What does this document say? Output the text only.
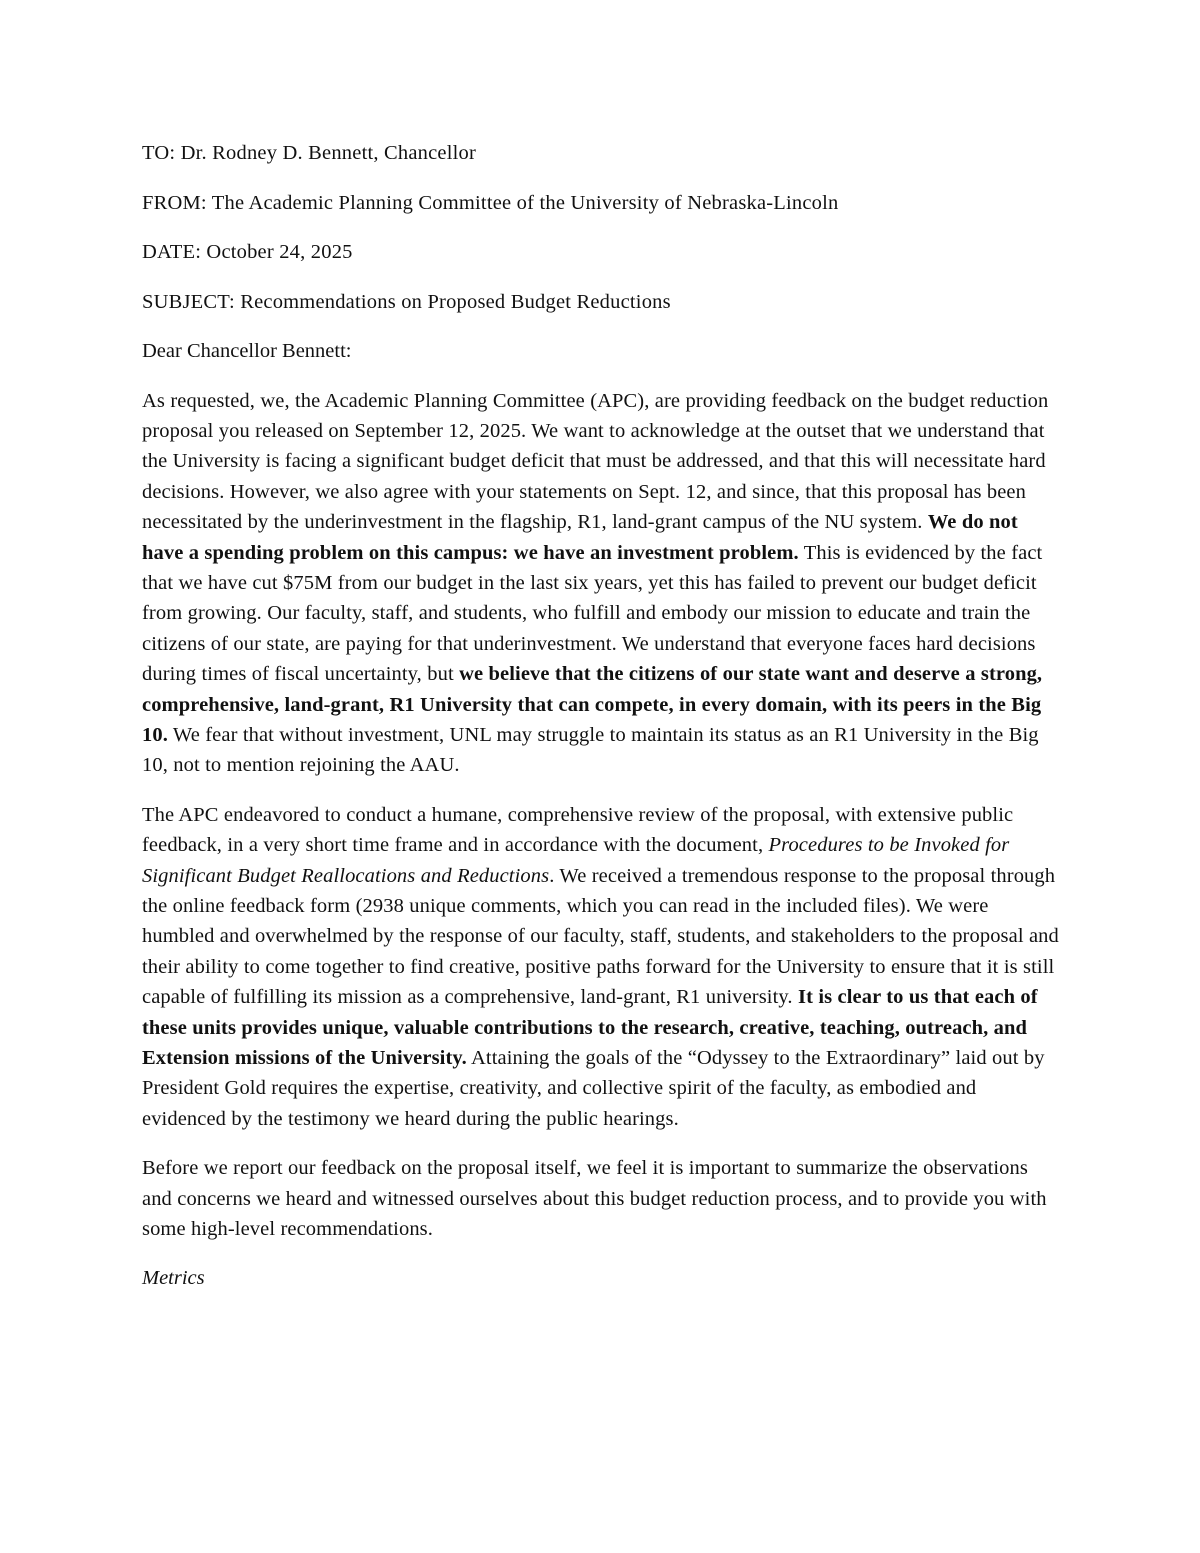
TO: Dr. Rodney D. Bennett, Chancellor
FROM: The Academic Planning Committee of the University of Nebraska-Lincoln
DATE: October 24, 2025
SUBJECT: Recommendations on Proposed Budget Reductions
Dear Chancellor Bennett:

As requested, we, the Academic Planning Committee (APC), are providing feedback on the budget reduction proposal you released on September 12, 2025. We want to acknowledge at the outset that we understand that the University is facing a significant budget deficit that must be addressed, and that this will necessitate hard decisions. However, we also agree with your statements on Sept. 12, and since, that this proposal has been necessitated by the underinvestment in the flagship, R1, land-grant campus of the NU system. We do not have a spending problem on this campus: we have an investment problem. This is evidenced by the fact that we have cut $75M from our budget in the last six years, yet this has failed to prevent our budget deficit from growing. Our faculty, staff, and students, who fulfill and embody our mission to educate and train the citizens of our state, are paying for that underinvestment. We understand that everyone faces hard decisions during times of fiscal uncertainty, but we believe that the citizens of our state want and deserve a strong, comprehensive, land-grant, R1 University that can compete, in every domain, with its peers in the Big 10. We fear that without investment, UNL may struggle to maintain its status as an R1 University in the Big 10, not to mention rejoining the AAU.

The APC endeavored to conduct a humane, comprehensive review of the proposal, with extensive public feedback, in a very short time frame and in accordance with the document, Procedures to be Invoked for Significant Budget Reallocations and Reductions. We received a tremendous response to the proposal through the online feedback form (2938 unique comments, which you can read in the included files). We were humbled and overwhelmed by the response of our faculty, staff, students, and stakeholders to the proposal and their ability to come together to find creative, positive paths forward for the University to ensure that it is still capable of fulfilling its mission as a comprehensive, land-grant, R1 university. It is clear to us that each of these units provides unique, valuable contributions to the research, creative, teaching, outreach, and Extension missions of the University. Attaining the goals of the “Odyssey to the Extraordinary” laid out by President Gold requires the expertise, creativity, and collective spirit of the faculty, as embodied and evidenced by the testimony we heard during the public hearings.

Before we report our feedback on the proposal itself, we feel it is important to summarize the observations and concerns we heard and witnessed ourselves about this budget reduction process, and to provide you with some high-level recommendations.

Metrics
